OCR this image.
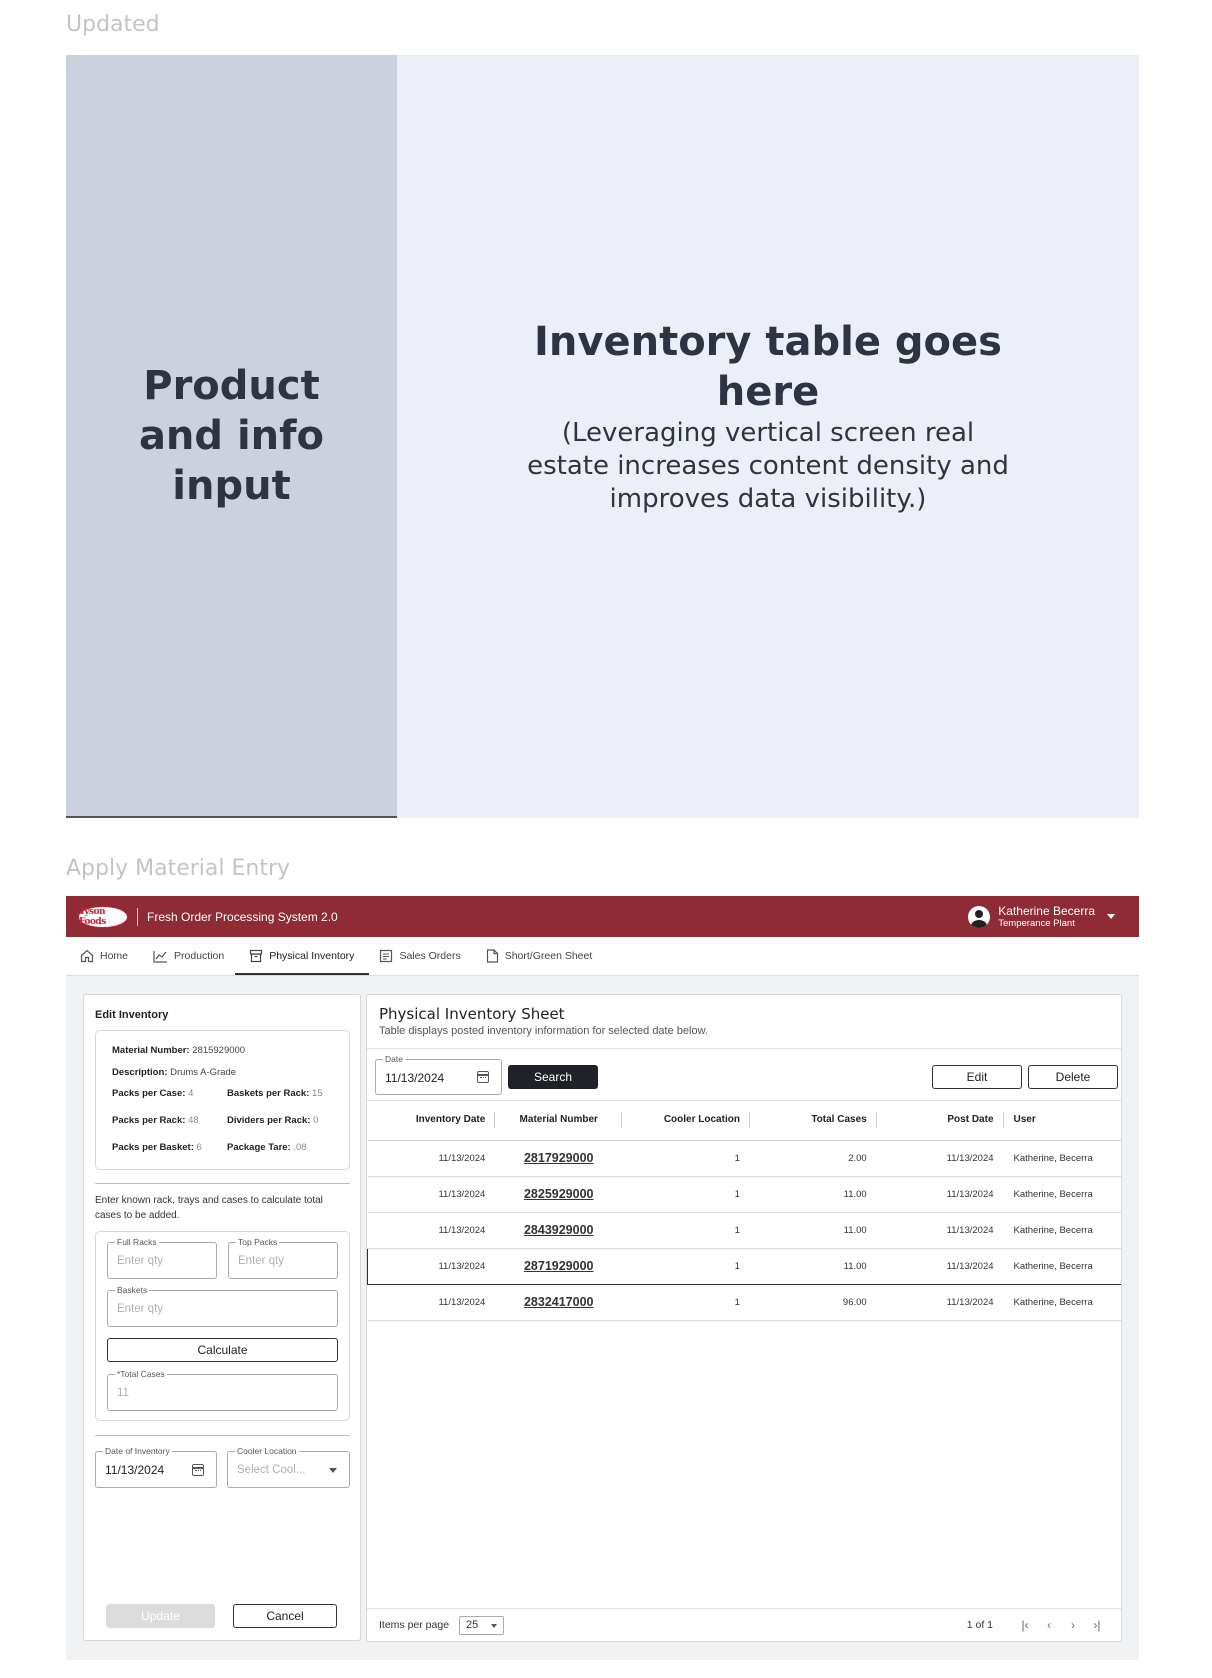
Updated
Product and info input
Inventory table goes here

(Leveraging vertical screen real estate increases content density and improves data visibility.)

Apply Material Entry
Tyson Foods	Fresh Order Processing System 2.0	Katherine Becerra
Temperance Plant
Home	Production	Physical Inventory	Sales Orders	Short/Green Sheet
Edit Inventory
Material Number: 2815929000
Description: Drums A-Grade
Packs per Case: 4	Baskets per Rack: 15
Packs per Rack: 48	Dividers per Rack: 0
Packs per Basket: 6	Package Tare: .08
Enter known rack, trays and cases to calculate total cases to be added.
Full Racks
Enter qty
Top Packs
Enter qty
Baskets
Enter qty
Calculate
*Total Cases
11
Date of Inventory
11/13/2024
Cooler Location
Select Cool...
Update	Cancel
Physical Inventory Sheet
Table displays posted inventory information for selected date below.
Date
11/13/2024	Search	Edit	Delete
Inventory Date	Material Number	Cooler Location	Total Cases	Post Date	User
11/13/2024	2817929000	1	2.00	11/13/2024	Katherine, Becerra
11/13/2024	2825929000	1	11.00	11/13/2024	Katherine, Becerra
11/13/2024	2843929000	1	11.00	11/13/2024	Katherine, Becerra
11/13/2024	2871929000	1	11.00	11/13/2024	Katherine, Becerra
11/13/2024	2832417000	1	96.00	11/13/2024	Katherine, Becerra
Items per page 25	1 of 1	|‹	‹	›	›|
